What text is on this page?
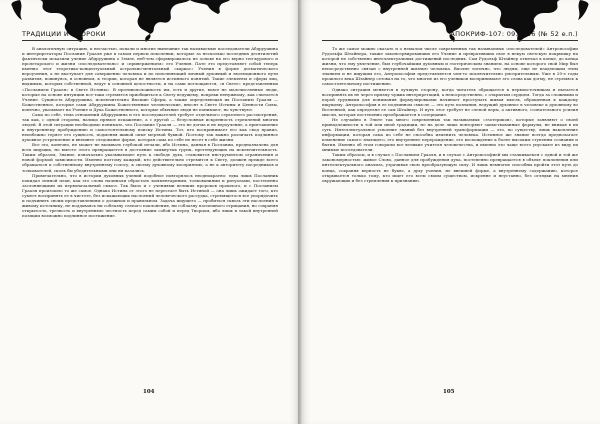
ТРАДИЦИИ И ПРОРОКИ

В аналогичную ситуацию, к несчастью, попали и многие нынешние так называемые последователи Абдруушина и интерпретаторы Послания Грааля уже в самом первом поколении, которые за несколько последних десятилетий фактически исказили учение Абдруушина о Земле, неб-тем сформировалось не основе на его верно теп-курового и пролетарского и жизни «последовательно» и «приверженцем» его Учения. Пате это представляет собой теперь именно этот теоретико-концептуальный астрально-ментальный «каркас» Учения в форме догматического вероучения, а не выступает для совершенно человека и по пополняющий личный духовный и эволюционного пути развития, повинуясь, в основном, к теории, которая не является истинного понятий. Такие элементы и сферы лиц, видимым, которых собственной, ведут к основной целостности, и на сами поглощаются, «в Свете» представленных «Посланием Грааля» в Свете Истины». В противоположность им, есть и другие, вовсе не малочисленные люди, которые на основе интуиции все-таки стремятся приобщиться к Свету ведущему, вопреки ненужному, как считается Учение. Сущность Абдруушина, исключительно Высшие Сферы, а также определяющая их Посланию Грааля — Божественное, которые сами Абдруушина Божественные человеческие, вносят в Свете Истины и Ценности Силы, конечно, указывает на Учение и Духа Божественного, которые обычные люди не понимают, но чувствуют.

Сама по себе, тема отношений Абдруушина и его последователей требует отдельного серьезного рассмотрения, так как, с одной стороны, налицо прямое искажение, а с другой — безусловная искренность стремлений многих людей. В этой ситуации необходимо понимать, что Послание Грааля — это не догма и не вероучение, а приглашение к внутреннему пробуждению и самостоятельному поиску Истины. Тот, кто воспринимает его как свод правил, неизбежно теряет его сущность, подменяя живой опыт мертвой буквой. Поэтому так важно различать подлинное духовное устремление и внешнее следование форме, которая сама по себе не несет в себе жизни.

Все это, конечно, не может не вызывать глубокой печали, ибо Истина, данная в Послании, предназначена для всех ищущих, но вместо этого превращается в достояние замкнутых групп, претендующих на исключительность. Таким образом, Знание, изначально указывающее путь к свободе духа, становится инструментом ограничения и новой формой зависимости. Именно поэтому каждый, кто действительно стремится к Свету, должен прежде всего обращаться к собственному внутреннему голосу, к своему духовному восприятию, а не к авторитету посредников и толкователей, сколь бы убедительными они ни казались.

Примечательно, что в истории духовных учений подобное повторялось неоднократно: едва лишь Посланник покидал земной план, как его слова начинали обрастать комментариями, толкованиями и ритуалами, постепенно заслоняющими их первоначальный смысл. Так было и с учениями великих пророков прошлого, и с Посланием Грааля произошло то же самое. Однако Истина от этого не перестает быть Истиной — она лишь ожидает того, кто сумеет воспринять ее в чистоте, без искажающих наслоений человеческого рассудка, стремящегося все упорядочить и подчинить своим представлениям о должном и правильном. Задача ищущего — пробиться сквозь эти наслоения к живому источнику, не поддаваясь ни соблазну слепого поклонения, ни соблазну поспешного отрицания, но сохраняя открытость, трезвость и внутреннюю честность перед самим собой и перед Творцом, ибо лишь в такой внутренней позиции возможно подлинное постижение.

104
АПОКРИФ-107: 09.2016 (№ 52 е.п.)

То же самое можно сказать и о немалом числе современных так называемых «последователей» Антропософии Рудольфа Штайнера, также законсервировавших его Учение и превративших свое в некую светскую покрышку на которой не собственно интеллектуальных достижений последних. Сам Рудольф Штайнер отмечал в конце, до конца жизни, что ему увлечение, был глубочайшим духовным и эзотерическим знанием, на основе которого свой Мир был непосредственно связан с внутренней жизнью человека. Вполне логично, что людям, еще не владеющим этим знанием и не ищущим его, Антропософия представляется чем-то исключительно умозрительным. Уже в 20-е годы прошлого века Штайнер сетовал на то, что многие из его учеников воспринимают его слова как догму, не стремясь к самостоятельному постижению.

Однако ситуация меняется в лучшую сторону, когда читатель обращается к первоисточникам и пытается воспринять их не через призму чужих интерпретаций, а непосредственно, с открытым сердцем. Тогда за сложными и порой трудными для понимания формулировками начинает проступать живая мысль, обращенная к каждому ищущему. Антропософия в ее подлинном смысле — это путь познания, ведущий духовное в человеке к духовному во Вселенной, как определял ее сам Штайнер. И путь этот требует не слепой веры, а активного, сознательного усилия мысли, которая постепенно преображается в созерцание.

Не случайно в Элите так много современных так называемых «эзотериков», которые заявляют о своей принадлежности к той или иной традиции, но на деле лишь повторяют заимствованные формулы, не вникая в их суть. Интеллектуальное усвоение знаний без внутренней трансформации — это, по существу, лишь накопление информации, которая сама по себе не способна изменить человека. Истинное же знание всегда предполагает изменение самого знающего, его внутреннее перерождение, его восхождение к более высоким ступеням сознания и бытия. Именно об этом говорили все великие учителя человечества, и именно это чаще всего упускают из виду их мнимые последователи.

Таким образом, и в случае с Посланием Грааля, и в случае с Антропософией мы сталкиваемся с одной и той же закономерностью: живое Слово, данное для пробуждения духа, постепенно превращается в объект поклонения или интеллектуального анализа, утрачивая свою преобразующую силу. И лишь немногие способны пройти этот путь до конца, сохраняя верность не букве, а духу учения, не внешней форме, а внутреннему содержанию, которое открывается только тому, кто ищет его всем своим существом, искренне и неустанно, без оглядки на мнения окружающих и без стремления к признанию.

105
